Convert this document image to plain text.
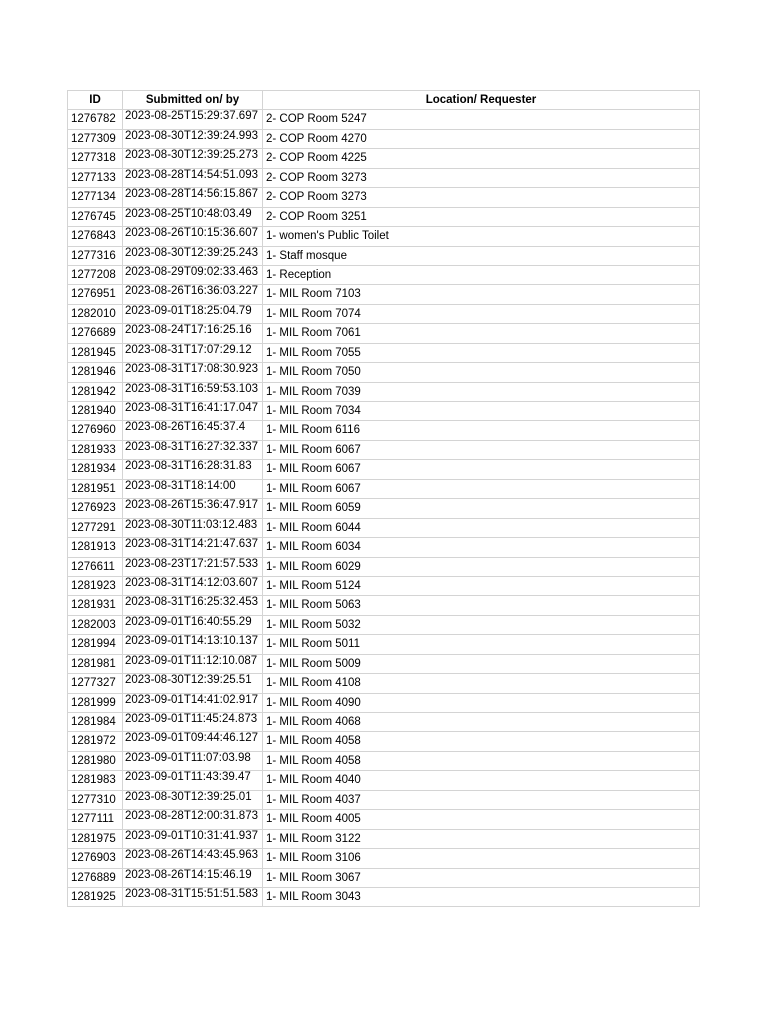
ID	Submitted on/ by	Location/ Requester
1276782	2023-08-25T15:29:37.697	2- COP Room 5247
1277309	2023-08-30T12:39:24.993	2- COP Room 4270
1277318	2023-08-30T12:39:25.273	2- COP Room 4225
1277133	2023-08-28T14:54:51.093	2- COP Room 3273
1277134	2023-08-28T14:56:15.867	2- COP Room 3273
1276745	2023-08-25T10:48:03.49	2- COP Room 3251
1276843	2023-08-26T10:15:36.607	1- women's Public Toilet
1277316	2023-08-30T12:39:25.243	1- Staff mosque
1277208	2023-08-29T09:02:33.463	1- Reception
1276951	2023-08-26T16:36:03.227	1- MIL Room 7103
1282010	2023-09-01T18:25:04.79	1- MIL Room 7074
1276689	2023-08-24T17:16:25.16	1- MIL Room 7061
1281945	2023-08-31T17:07:29.12	1- MIL Room 7055
1281946	2023-08-31T17:08:30.923	1- MIL Room 7050
1281942	2023-08-31T16:59:53.103	1- MIL Room 7039
1281940	2023-08-31T16:41:17.047	1- MIL Room 7034
1276960	2023-08-26T16:45:37.4	1- MIL Room 6116
1281933	2023-08-31T16:27:32.337	1- MIL Room 6067
1281934	2023-08-31T16:28:31.83	1- MIL Room 6067
1281951	2023-08-31T18:14:00	1- MIL Room 6067
1276923	2023-08-26T15:36:47.917	1- MIL Room 6059
1277291	2023-08-30T11:03:12.483	1- MIL Room 6044
1281913	2023-08-31T14:21:47.637	1- MIL Room 6034
1276611	2023-08-23T17:21:57.533	1- MIL Room 6029
1281923	2023-08-31T14:12:03.607	1- MIL Room 5124
1281931	2023-08-31T16:25:32.453	1- MIL Room 5063
1282003	2023-09-01T16:40:55.29	1- MIL Room 5032
1281994	2023-09-01T14:13:10.137	1- MIL Room 5011
1281981	2023-09-01T11:12:10.087	1- MIL Room 5009
1277327	2023-08-30T12:39:25.51	1- MIL Room 4108
1281999	2023-09-01T14:41:02.917	1- MIL Room 4090
1281984	2023-09-01T11:45:24.873	1- MIL Room 4068
1281972	2023-09-01T09:44:46.127	1- MIL Room 4058
1281980	2023-09-01T11:07:03.98	1- MIL Room 4058
1281983	2023-09-01T11:43:39.47	1- MIL Room 4040
1277310	2023-08-30T12:39:25.01	1- MIL Room 4037
1277111	2023-08-28T12:00:31.873	1- MIL Room 4005
1281975	2023-09-01T10:31:41.937	1- MIL Room 3122
1276903	2023-08-26T14:43:45.963	1- MIL Room 3106
1276889	2023-08-26T14:15:46.19	1- MIL Room 3067
1281925	2023-08-31T15:51:51.583	1- MIL Room 3043
